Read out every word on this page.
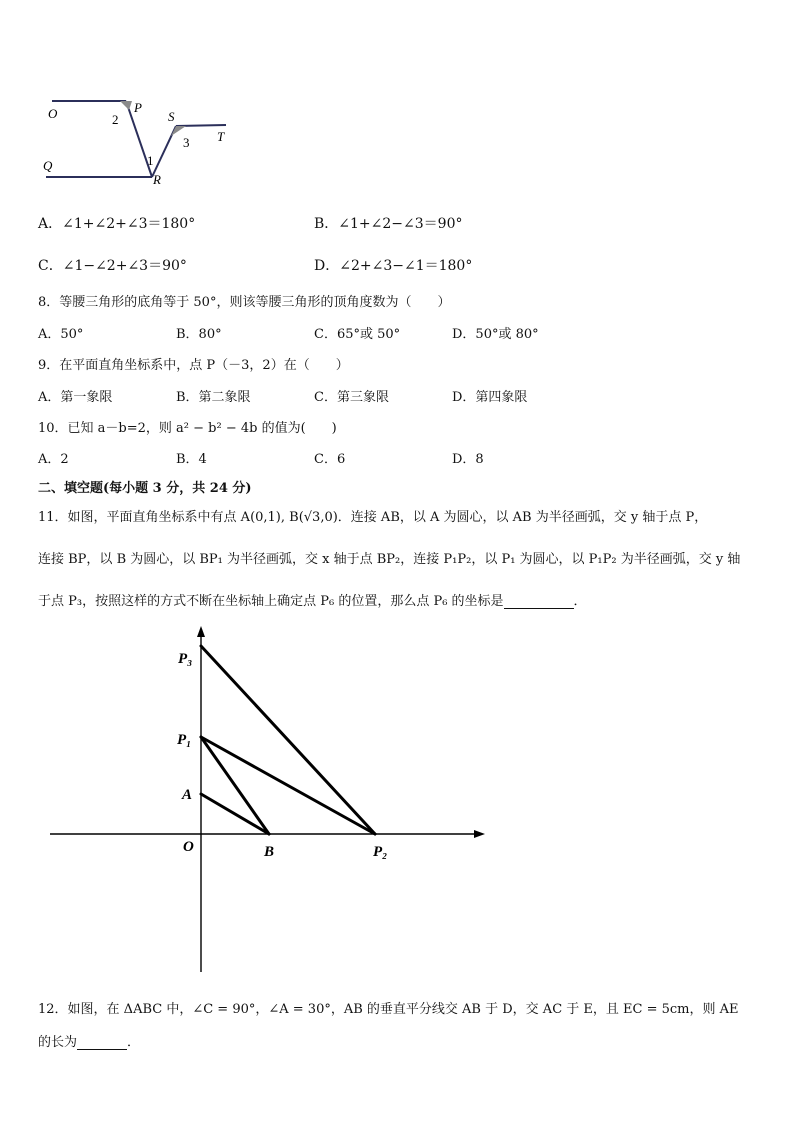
O	2
P
S
3 T
1
Q
R
A．∠1+∠2+∠3＝180°	B．∠1+∠2−∠3＝90°
C．∠1−∠2+∠3＝90°	D．∠2+∠3−∠1＝180°
8．等腰三角形的底角等于 50°，则该等腰三角形的顶角度数为（　　）
A．50°	B．80°	C．65°或 50°	D．50°或 80°
9．在平面直角坐标系中，点 P（－3，2）在（　　）
A．第一象限	B．第二象限	C．第三象限	D．第四象限
10．已知 a－b=2，则 a² − b² − 4b 的值为(　　)
A．2	B．4	C．6	D．8
二、填空题(每小题 3 分，共 24 分)
11．如图，平面直角坐标系中有点 A(0,1), B(√3,0)．连接 AB，以 A 为圆心，以 AB 为半径画弧，交 y 轴于点 P，
连接 BP，以 B 为圆心，以 BP₁ 为半径画弧，交 x 轴于点 BP₂，连接 P₁P₂，以 P₁ 为圆心，以 P₁P₂ 为半径画弧，交 y 轴
于点 P₃，按照这样的方式不断在坐标轴上确定点 P₆ 的位置，那么点 P₆ 的坐标是	．
P₃
P₁
A
O	B	P₂
12．如图，在 ΔABC 中，∠C = 90°，∠A = 30°，AB 的垂直平分线交 AB 于 D，交 AC 于 E，且 EC = 5cm，则 AE
的长为	．
